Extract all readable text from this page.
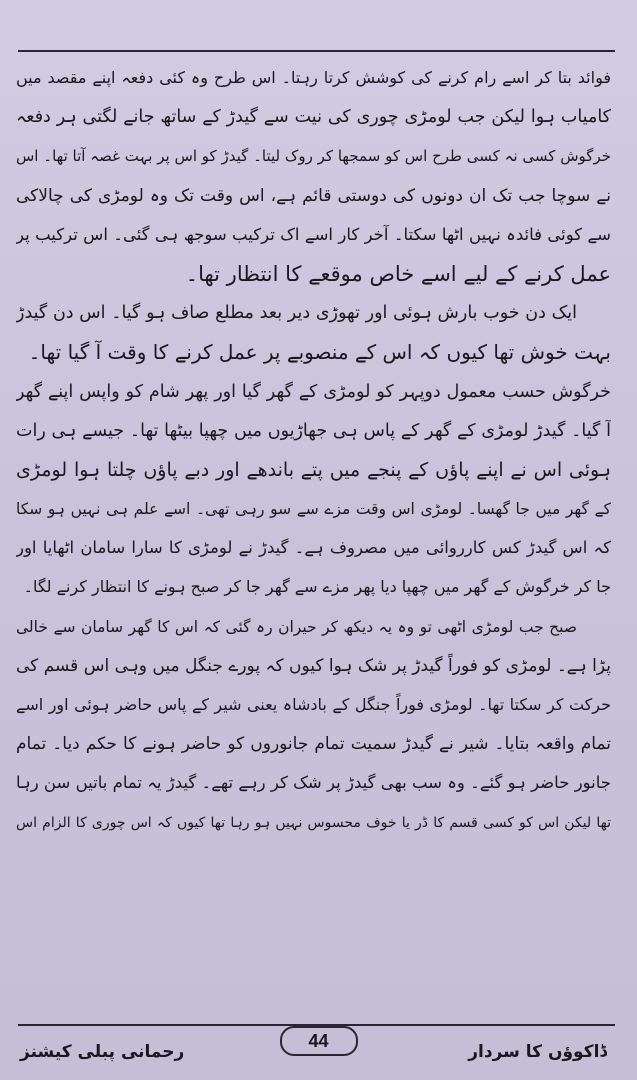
فوائد بتا کر اسے رام کرنے کی کوشش کرتا رہتا۔ اس طرح وہ کئی دفعہ اپنے مقصد میں
کامیاب ہوا لیکن جب لومڑی چوری کی نیت سے گیدڑ کے ساتھ جانے لگتی ہر دفعہ
خرگوش کسی نہ کسی طرح اس کو سمجھا کر روک لیتا۔ گیدڑ کو اس پر بہت غصہ آتا تھا۔ اس
نے سوچا جب تک ان دونوں کی دوستی قائم ہے، اس وقت تک وہ لومڑی کی چالاکی
سے کوئی فائدہ نہیں اٹھا سکتا۔ آخر کار اسے اک ترکیب سوجھ ہی گئی۔ اس ترکیب پر
عمل کرنے کے لیے اسے خاص موقعے کا انتظار تھا۔
ایک دن خوب بارش ہوئی اور تھوڑی دیر بعد مطلع صاف ہو گیا۔ اس دن گیدڑ
بہت خوش تھا کیوں کہ اس کے منصوبے پر عمل کرنے کا وقت آ گیا تھا۔
خرگوش حسب معمول دوپہر کو لومڑی کے گھر گیا اور پھر شام کو واپس اپنے گھر
آ گیا۔ گیدڑ لومڑی کے گھر کے پاس ہی جھاڑیوں میں چھپا بیٹھا تھا۔ جیسے ہی رات
ہوئی اس نے اپنے پاؤں کے پنجے میں پتے باندھے اور دبے پاؤں چلتا ہوا لومڑی
کے گھر میں جا گھسا۔ لومڑی اس وقت مزے سے سو رہی تھی۔ اسے علم ہی نہیں ہو سکا
کہ اس گیدڑ کس کارروائی میں مصروف ہے۔ گیدڑ نے لومڑی کا سارا سامان اٹھایا اور
جا کر خرگوش کے گھر میں چھپا دیا پھر مزے سے گھر جا کر صبح ہونے کا انتظار کرنے لگا۔
صبح جب لومڑی اٹھی تو وہ یہ دیکھ کر حیران رہ گئی کہ اس کا گھر سامان سے خالی
پڑا ہے۔ لومڑی کو فوراً گیدڑ پر شک ہوا کیوں کہ پورے جنگل میں وہی اس قسم کی
حرکت کر سکتا تھا۔ لومڑی فوراً جنگل کے بادشاہ یعنی شیر کے پاس حاضر ہوئی اور اسے
تمام واقعہ بتایا۔ شیر نے گیدڑ سمیت تمام جانوروں کو حاضر ہونے کا حکم دیا۔ تمام
جانور حاضر ہو گئے۔ وہ سب بھی گیدڑ پر شک کر رہے تھے۔ گیدڑ یہ تمام باتیں سن رہا
تھا لیکن اس کو کسی قسم کا ڈر یا خوف محسوس نہیں ہو رہا تھا کیوں کہ اس چوری کا الزام اس
رحمانی پبلی کیشنز
44
ڈاکوؤں کا سردار
